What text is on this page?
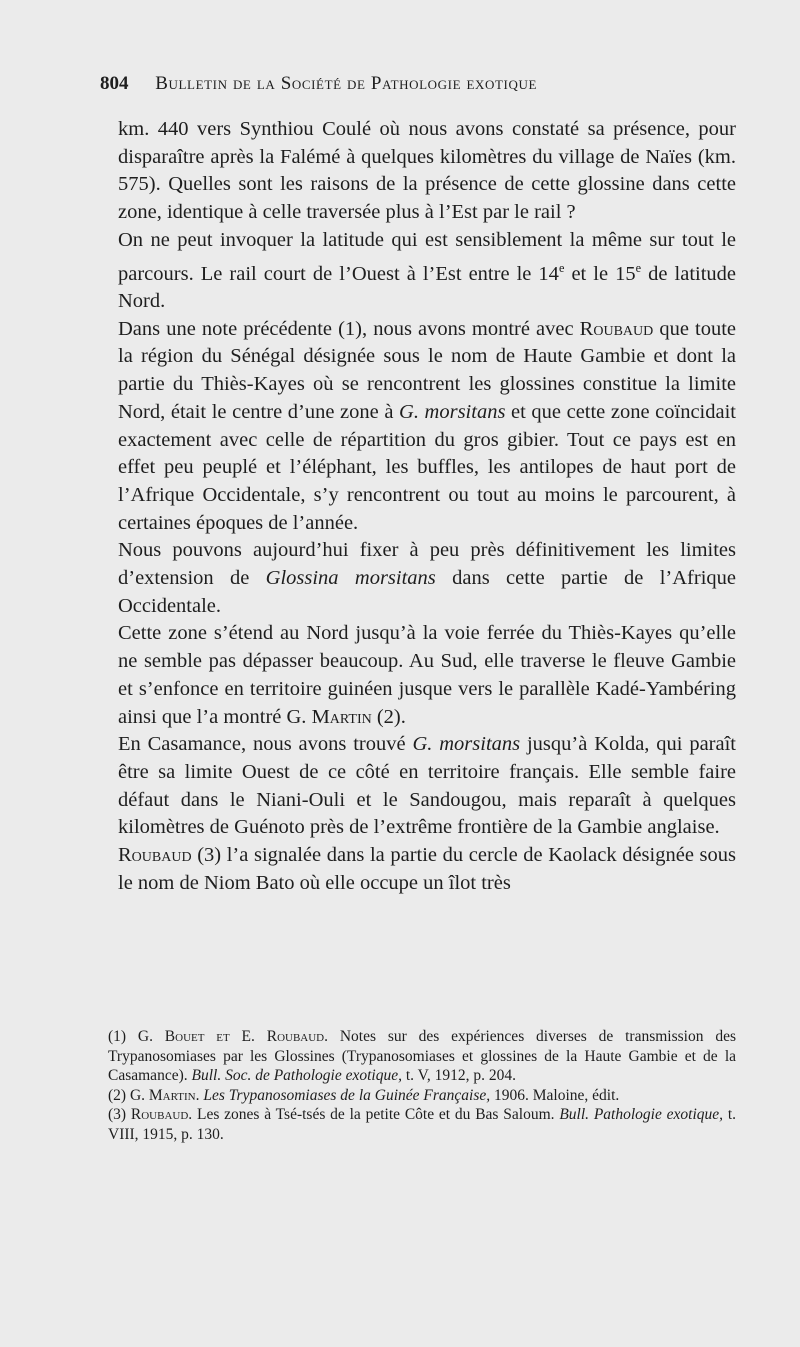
804 Bulletin de la Société de Pathologie exotique

km. 440 vers Synthiou Coulé où nous avons constaté sa présence, pour disparaître après la Falémé à quelques kilomètres du village de Naïes (km. 575). Quelles sont les raisons de la présence de cette glossine dans cette zone, identique à celle traversée plus à l’Est par le rail ?

On ne peut invoquer la latitude qui est sensiblement la même sur tout le parcours. Le rail court de l’Ouest à l’Est entre le 14e et le 15e de latitude Nord.

Dans une note précédente (1), nous avons montré avec Roubaud que toute la région du Sénégal désignée sous le nom de Haute Gambie et dont la partie du Thiès-Kayes où se rencontrent les glossines constitue la limite Nord, était le centre d’une zone à G. morsitans et que cette zone coïncidait exactement avec celle de répartition du gros gibier. Tout ce pays est en effet peu peuplé et l’éléphant, les buffles, les antilopes de haut port de l’Afrique Occidentale, s’y rencontrent ou tout au moins le parcourent, à certaines époques de l’année.

Nous pouvons aujourd’hui fixer à peu près définitivement les limites d’extension de Glossina morsitans dans cette partie de l’Afrique Occidentale.

Cette zone s’étend au Nord jusqu’à la voie ferrée du Thiès-Kayes qu’elle ne semble pas dépasser beaucoup. Au Sud, elle traverse le fleuve Gambie et s’enfonce en territoire guinéen jusque vers le parallèle Kadé-Yambéring ainsi que l’a montré G. Martin (2).

En Casamance, nous avons trouvé G. morsitans jusqu’à Kolda, qui paraît être sa limite Ouest de ce côté en territoire français. Elle semble faire défaut dans le Niani-Ouli et le Sandougou, mais reparaît à quelques kilomètres de Guénoto près de l’extrême frontière de la Gambie anglaise.

Roubaud (3) l’a signalée dans la partie du cercle de Kaolack désignée sous le nom de Niom Bato où elle occupe un îlot très

(1) G. Bouet et E. Roubaud. Notes sur des expériences diverses de transmission des Trypanosomiases par les Glossines (Trypanosomiases et glossines de la Haute Gambie et de la Casamance). Bull. Soc. de Pathologie exotique, t. V, 1912, p. 204.

(2) G. Martin. Les Trypanosomiases de la Guinée Française, 1906. Maloine, édit.

(3) Roubaud. Les zones à Tsé-tsés de la petite Côte et du Bas Saloum. Bull. Pathologie exotique, t. VIII, 1915, p. 130.
